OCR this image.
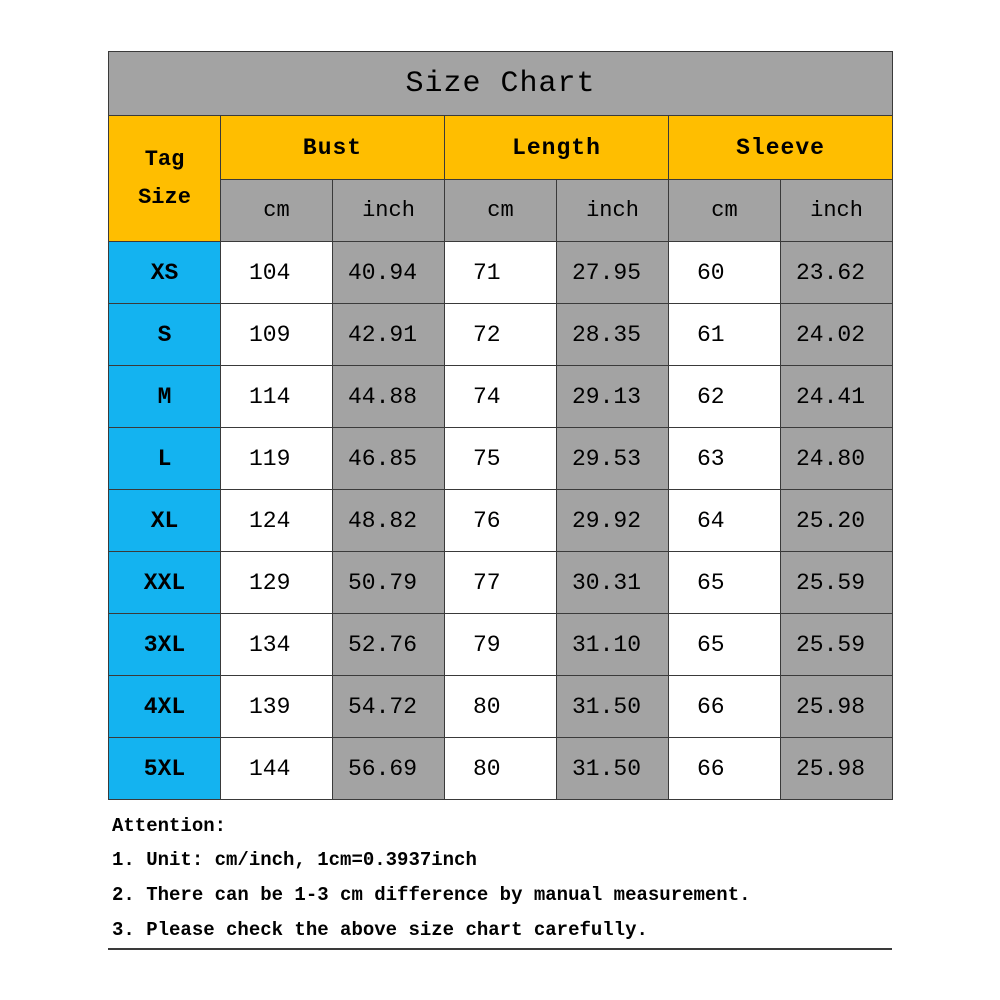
Size Chart						

Tag
Size	Bust		Length		Sleeve	
	cm	inch	cm	inch	cm	inch
XS	104	40.94	71	27.95	60	23.62
S	109	42.91	72	28.35	61	24.02
M	114	44.88	74	29.13	62	24.41
L	119	46.85	75	29.53	63	24.80
XL	124	48.82	76	29.92	64	25.20
XXL	129	50.79	77	30.31	65	25.59
3XL	134	52.76	79	31.10	65	25.59
4XL	139	54.72	80	31.50	66	25.98
5XL	144	56.69	80	31.50	66	25.98
Attention:
1. Unit: cm/inch, 1cm=0.3937inch
2. There can be 1-3 cm difference by manual measurement.
3. Please check the above size chart carefully.
